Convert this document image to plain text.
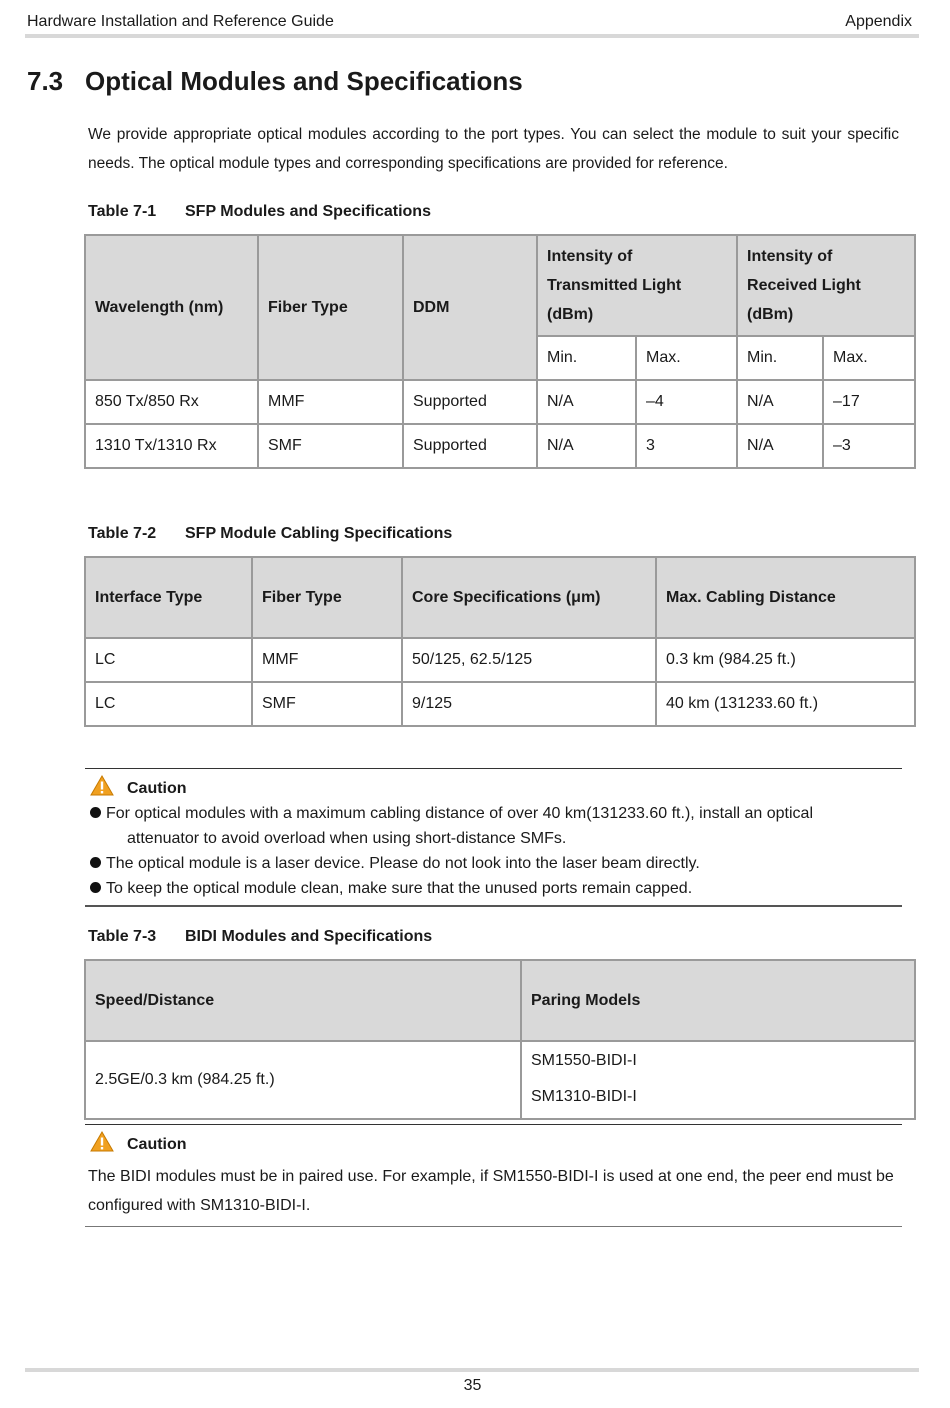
Hardware Installation and Reference Guide	Appendix
7.3 Optical Modules and Specifications

We provide appropriate optical modules according to the port types. You can select the module to suit your specific needs. The optical module types and corresponding specifications are provided for reference.

Table 7-1 SFP Modules and Specifications
Wavelength (nm)	Fiber Type	DDM	Intensity of Transmitted Light (dBm)		Intensity of Received Light (dBm)	
			Min.	Max.	Min.	Max.
850 Tx/850 Rx	MMF	Supported	N/A	–4	N/A	–17
1310 Tx/1310 Rx	SMF	Supported	N/A	3	N/A	–3
Table 7-2 SFP Module Cabling Specifications
Interface Type	Fiber Type	Core Specifications (μm)	Max. Cabling Distance
LC	MMF	50/125, 62.5/125	0.3 km (984.25 ft.)
LC	SMF	9/125	40 km (131233.60 ft.)
Caution
For optical modules with a maximum cabling distance of over 40 km(131233.60 ft.), install an optical
attenuator to avoid overload when using short-distance SMFs.
The optical module is a laser device. Please do not look into the laser beam directly.
To keep the optical module clean, make sure that the unused ports remain capped.
Table 7-3 BIDI Modules and Specifications
Speed/Distance	Paring Models
2.5GE/0.3 km (984.25 ft.)	SM1550-BIDI-I
SM1310-BIDI-I
Caution

The BIDI modules must be in paired use. For example, if SM1550-BIDI-I is used at one end, the peer end must be configured with SM1310-BIDI-I.

35
